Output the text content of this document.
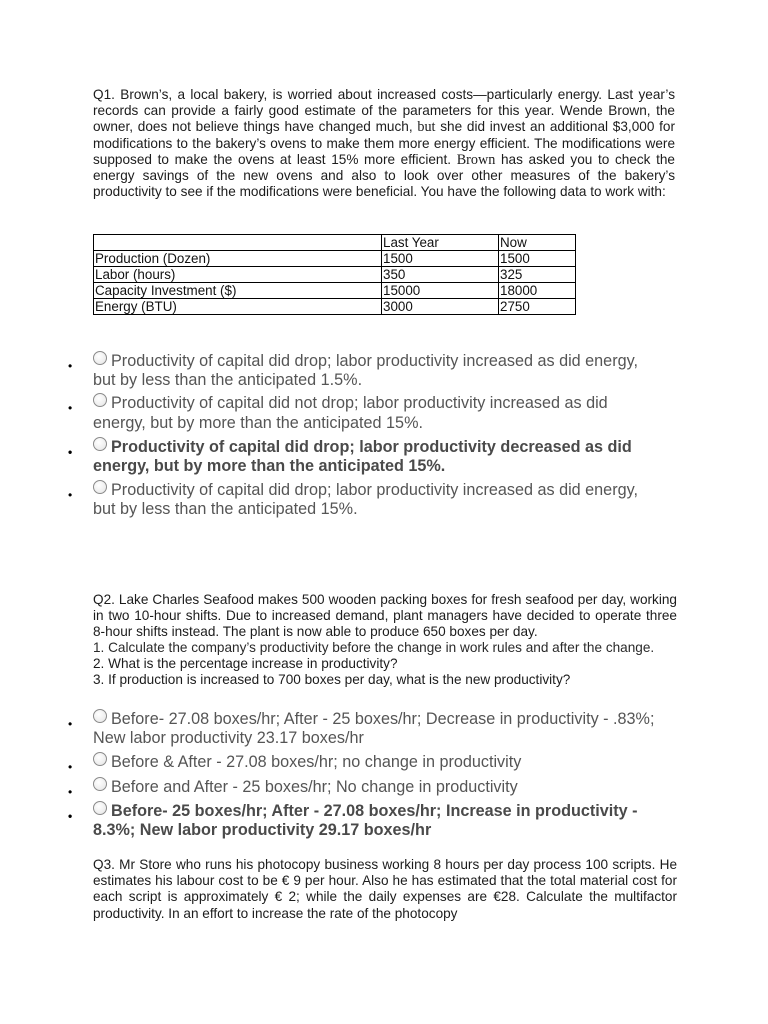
Q1. Brown’s, a local bakery, is worried about increased costs—particularly energy. Last year’s records can provide a fairly good estimate of the parameters for this year. Wende Brown, the owner, does not believe things have changed much, but she did invest an additional $3,000 for modifications to the bakery’s ovens to make them more energy efficient. The modifications were supposed to make the ovens at least 15% more efficient. Brown has asked you to check the energy savings of the new ovens and also to look over other measures of the bakery’s productivity to see if the modifications were beneficial. You have the following data to work with:
	Last Year	Now
Production (Dozen)	1500	1500
Labor (hours)	350	325
Capacity Investment ($)	15000	18000
Energy (BTU)	3000	2750
• Productivity of capital did drop; labor productivity increased as did energy, but by less than the anticipated 1.5%.
• Productivity of capital did not drop; labor productivity increased as did energy, but by more than the anticipated 15%.
• Productivity of capital did drop; labor productivity decreased as did energy, but by more than the anticipated 15%.
• Productivity of capital did drop; labor productivity increased as did energy, but by less than the anticipated 15%.
Q2. Lake Charles Seafood makes 500 wooden packing boxes for fresh seafood per day, working in two 10-hour shifts. Due to increased demand, plant managers have decided to operate three 8-hour shifts instead. The plant is now able to produce 650 boxes per day.
1. Calculate the company’s productivity before the change in work rules and after the change.
2. What is the percentage increase in productivity?
3. If production is increased to 700 boxes per day, what is the new productivity?
• Before- 27.08 boxes/hr; After - 25 boxes/hr; Decrease in productivity - .83%; New labor productivity 23.17 boxes/hr
• Before & After - 27.08 boxes/hr; no change in productivity
• Before and After - 25 boxes/hr; No change in productivity
• Before- 25 boxes/hr; After - 27.08 boxes/hr; Increase in productivity - 8.3%; New labor productivity 29.17 boxes/hr
Q3. Mr Store who runs his photocopy business working 8 hours per day process 100 scripts. He estimates his labour cost to be € 9 per hour. Also he has estimated that the total material cost for each script is approximately € 2; while the daily expenses are €28. Calculate the multifactor productivity. In an effort to increase the rate of the photocopy
